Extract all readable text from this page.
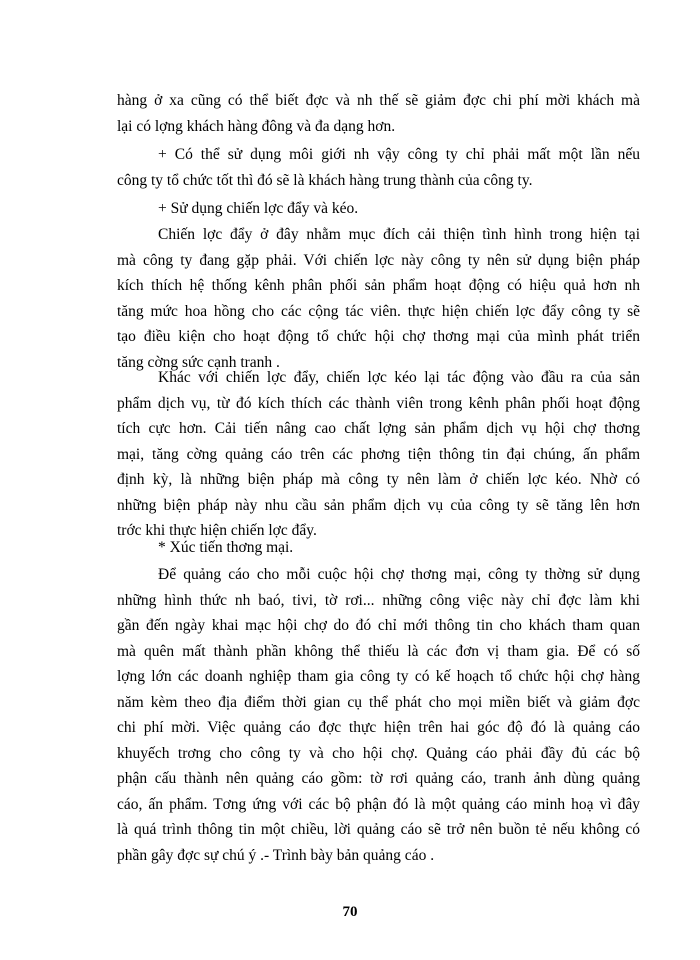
hàng ở xa cũng có thể biết đợc và nh thế sẽ giảm đợc chi phí mời khách mà
lại có lợng khách hàng đông và đa dạng hơn.
+ Có thể sử dụng môi giới nh vậy công ty chỉ phải mất một lần nếu
công ty tổ chức tốt thì đó sẽ là khách hàng trung thành của công ty.
+ Sử dụng chiến lợc đẩy và kéo.
Chiến lợc đẩy ở đây nhằm mục đích cải thiện tình hình trong hiện tại
mà công ty đang gặp phải. Với chiến lợc này công ty nên sử dụng biện pháp
kích thích hệ thống kênh phân phối sản phẩm hoạt động có hiệu quả hơn nh
tăng mức hoa hồng cho các cộng tác viên. thực hiện chiến lợc đẩy công ty sẽ
tạo điều kiện cho hoạt động tổ chức hội chợ thơng mại của mình phát triển
tăng cờng sức cạnh tranh .
Khác với chiến lợc đẩy, chiến lợc kéo lại tác động vào đầu ra của sản
phẩm dịch vụ, từ đó kích thích các thành viên trong kênh phân phối hoạt động
tích cực hơn. Cải tiến nâng cao chất lợng sản phẩm dịch vụ hội chợ thơng
mại, tăng cờng quảng cáo trên các phơng tiện thông tin đại chúng, ấn phẩm
định kỳ, là những biện pháp mà công ty nên làm ở chiến lợc kéo. Nhờ có
những biện pháp này nhu cầu sản phẩm dịch vụ của công ty sẽ tăng lên hơn
trớc khi thực hiện chiến lợc đẩy.
* Xúc tiến thơng mại.
Để quảng cáo cho mỗi cuộc hội chợ thơng mại, công ty thờng sử dụng
những hình thức nh baó, tivi, tờ rơi... những công việc này chỉ đợc làm khi
gần đến ngày khai mạc hội chợ do đó chỉ mới thông tin cho khách tham quan
mà quên mất thành phần không thể thiếu là các đơn vị tham gia. Để có số
lợng lớn các doanh nghiệp tham gia công ty có kế hoạch tổ chức hội chợ hàng
năm kèm theo địa điểm thời gian cụ thể phát cho mọi miền biết và giảm đợc
chi phí mời. Việc quảng cáo đợc thực hiện trên hai góc độ đó là quảng cáo
khuyếch trơng cho công ty và cho hội chợ. Quảng cáo phải đầy đủ các bộ
phận cấu thành nên quảng cáo gồm: tờ rơi quảng cáo, tranh ảnh dùng quảng
cáo, ấn phẩm. Tơng ứng với các bộ phận đó là một quảng cáo minh hoạ vì đây
là quá trình thông tin một chiều, lời quảng cáo sẽ trở nên buồn tẻ nếu không có
phần gây đợc sự chú ý .- Trình bày bản quảng cáo .
70
